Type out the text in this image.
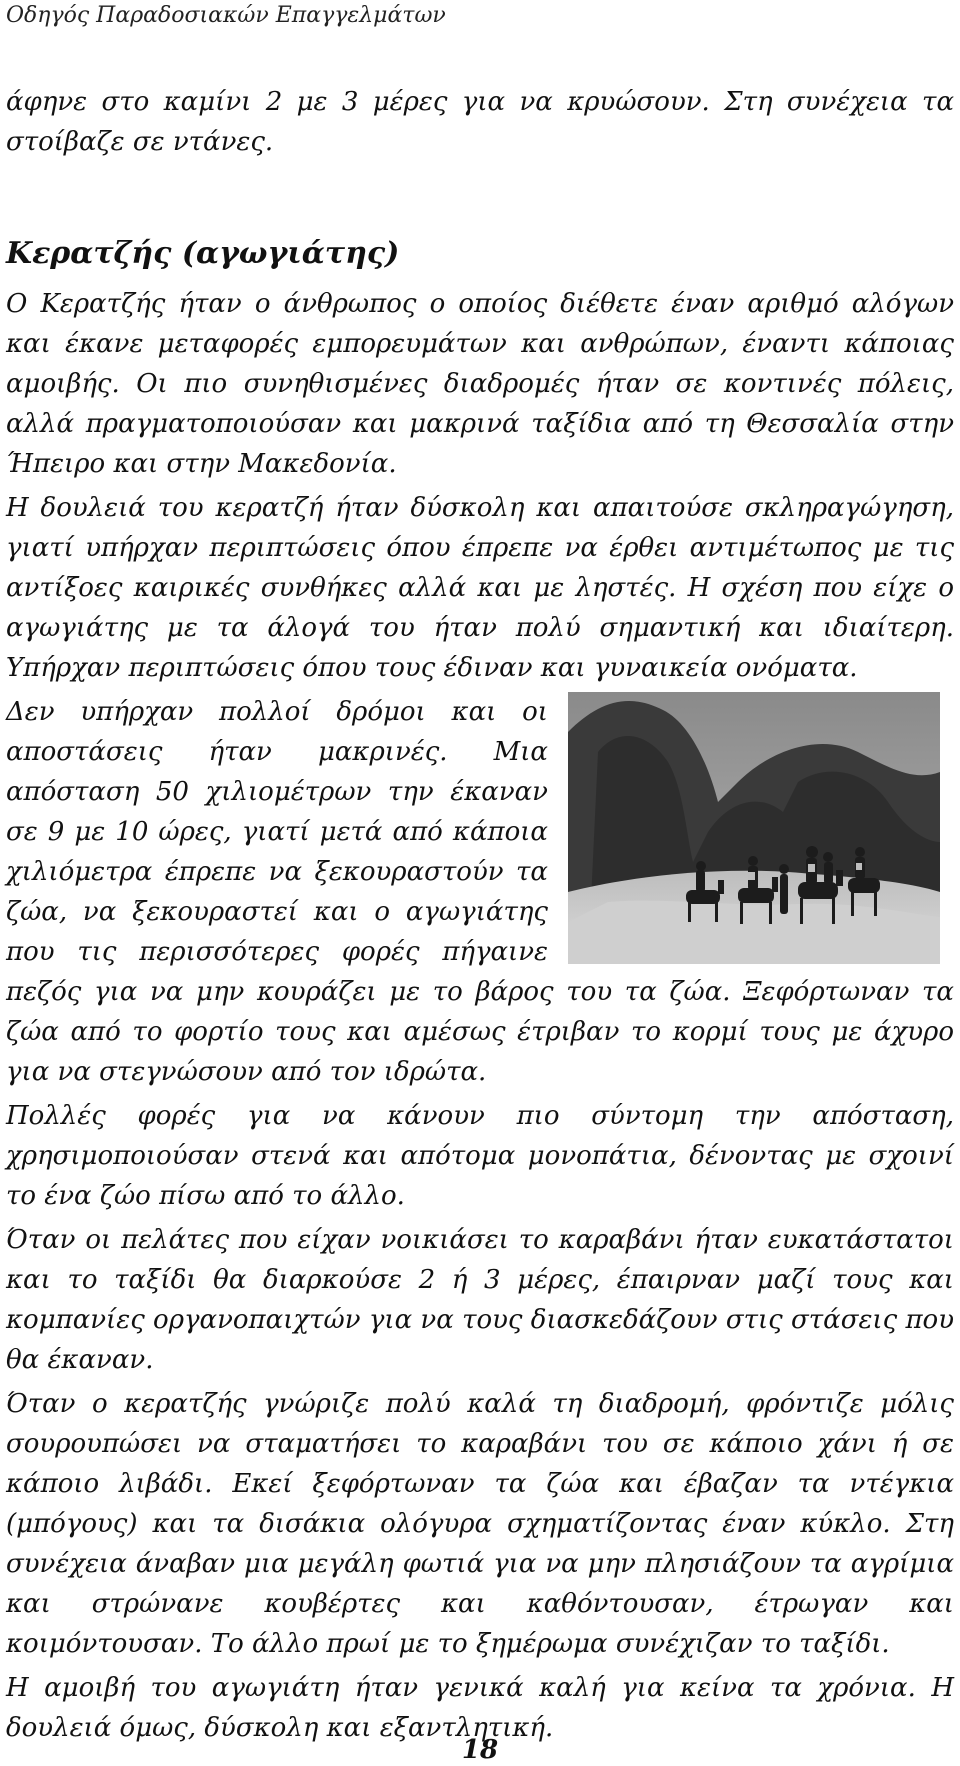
Οδηγός Παραδοσιακών Επαγγελμάτων

άφηνε στο καμίνι 2 με 3 μέρες για να κρυώσουν. Στη συνέχεια τα στοίβαζε σε ντάνες.

Κερατζής (αγωγιάτης)

Ο Κερατζής ήταν ο άνθρωπος ο οποίος διέθετε έναν αριθμό αλόγων και έκανε μεταφορές εμπορευμάτων και ανθρώπων, έναντι κάποιας αμοιβής. Οι πιο συνηθισμένες διαδρομές ήταν σε κοντινές πόλεις, αλλά πραγματοποιούσαν και μακρινά ταξίδια από τη Θεσσαλία στην Ήπειρο και στην Μακεδονία.

Η δουλειά του κερατζή ήταν δύσκολη και απαιτούσε σκληραγώγηση, γιατί υπήρχαν περιπτώσεις όπου έπρεπε να έρθει αντιμέτωπος με τις αντίξοες καιρικές συνθήκες αλλά και με ληστές. Η σχέση που είχε ο αγωγιάτης με τα άλογά του ήταν πολύ σημαντική και ιδιαίτερη. Υπήρχαν περιπτώσεις όπου τους έδιναν και γυναικεία ονόματα.

Δεν υπήρχαν πολλοί δρόμοι και οι αποστάσεις ήταν μακρινές. Μια απόσταση 50 χιλιομέτρων την έκαναν σε 9 με 10 ώρες, γιατί μετά από κάποια χιλιόμετρα έπρεπε να ξεκουραστούν τα ζώα, να ξεκουραστεί και ο αγωγιάτης που τις περισσότερες φορές πήγαινε πεζός για να μην κουράζει με το βάρος του τα ζώα. Ξεφόρτωναν τα ζώα από το φορτίο τους και αμέσως έτριβαν το κορμί τους με άχυρο για να στεγνώσουν από τον ιδρώτα.

Πολλές φορές για να κάνουν πιο σύντομη την απόσταση, χρησιμοποιούσαν στενά και απότομα μονοπάτια, δένοντας με σχοινί το ένα ζώο πίσω από το άλλο.

Όταν οι πελάτες που είχαν νοικιάσει το καραβάνι ήταν ευκατάστατοι και το ταξίδι θα διαρκούσε 2 ή 3 μέρες, έπαιρναν μαζί τους και κομπανίες οργανοπαιχτών για να τους διασκεδάζουν στις στάσεις που θα έκαναν.

Όταν ο κερατζής γνώριζε πολύ καλά τη διαδρομή, φρόντιζε μόλις σουρουπώσει να σταματήσει το καραβάνι του σε κάποιο χάνι ή σε κάποιο λιβάδι. Εκεί ξεφόρτωναν τα ζώα και έβαζαν τα ντέγκια (μπόγους) και τα δισάκια ολόγυρα σχηματίζοντας έναν κύκλο. Στη συνέχεια άναβαν μια μεγάλη φωτιά για να μην πλησιάζουν τα αγρίμια και στρώνανε κουβέρτες και καθόντουσαν, έτρωγαν και κοιμόντουσαν. Το άλλο πρωί με το ξημέρωμα συνέχιζαν το ταξίδι.

Η αμοιβή του αγωγιάτη ήταν γενικά καλή για κείνα τα χρόνια. Η δουλειά όμως, δύσκολη και εξαντλητική.

18
